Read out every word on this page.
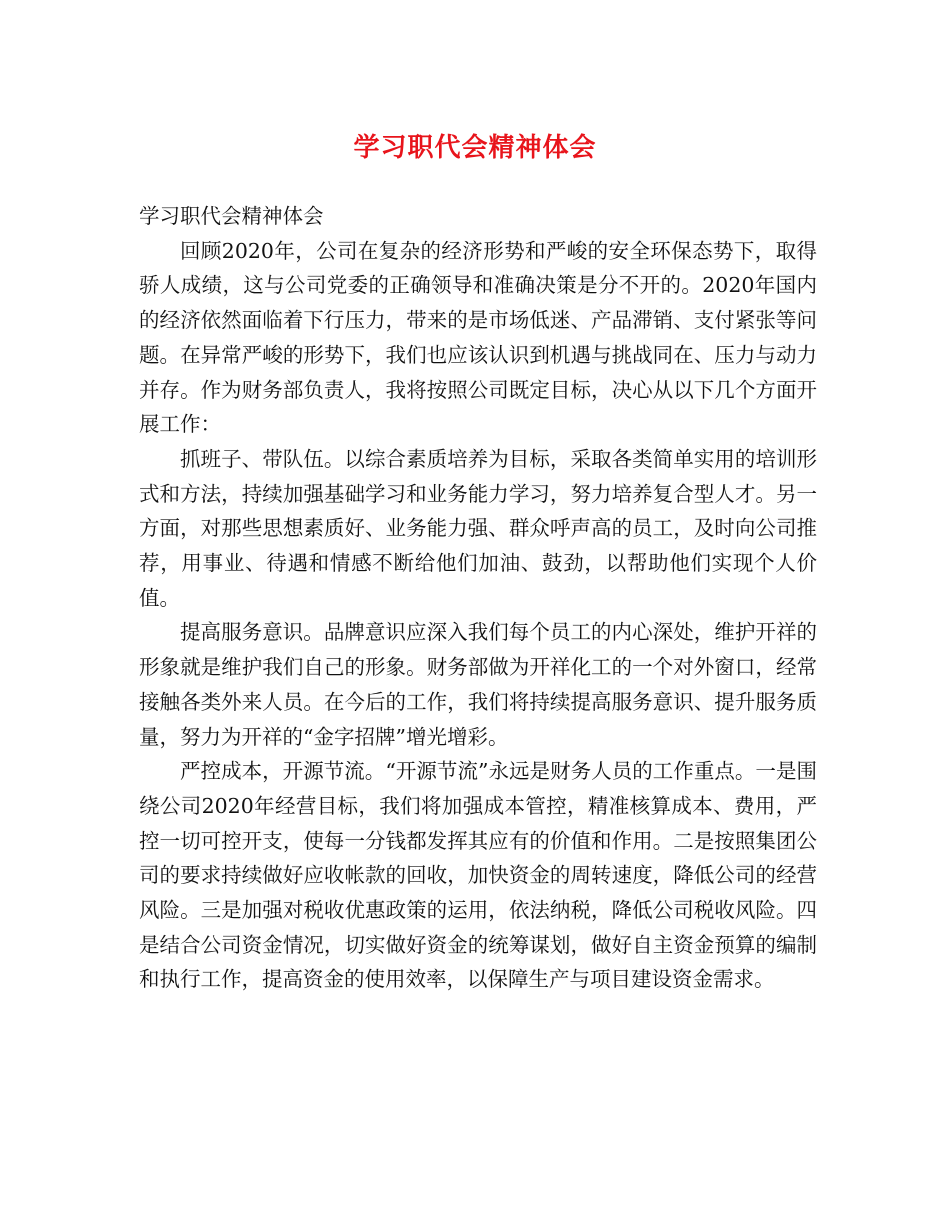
学习职代会精神体会

学习职代会精神体会

回顾2020年，公司在复杂的经济形势和严峻的安全环保态势下，取得骄人成绩，这与公司党委的正确领导和准确决策是分不开的。2020年国内的经济依然面临着下行压力，带来的是市场低迷、产品滞销、支付紧张等问题。在异常严峻的形势下，我们也应该认识到机遇与挑战同在、压力与动力并存。作为财务部负责人，我将按照公司既定目标，决心从以下几个方面开展工作：

抓班子、带队伍。以综合素质培养为目标，采取各类简单实用的培训形式和方法，持续加强基础学习和业务能力学习，努力培养复合型人才。另一方面，对那些思想素质好、业务能力强、群众呼声高的员工，及时向公司推荐，用事业、待遇和情感不断给他们加油、鼓劲，以帮助他们实现个人价值。

提高服务意识。品牌意识应深入我们每个员工的内心深处，维护开祥的形象就是维护我们自己的形象。财务部做为开祥化工的一个对外窗口，经常接触各类外来人员。在今后的工作，我们将持续提高服务意识、提升服务质量，努力为开祥的“金字招牌”增光增彩。

严控成本，开源节流。“开源节流”永远是财务人员的工作重点。一是围绕公司2020年经营目标，我们将加强成本管控，精准核算成本、费用，严控一切可控开支，使每一分钱都发挥其应有的价值和作用。二是按照集团公司的要求持续做好应收帐款的回收，加快资金的周转速度，降低公司的经营风险。三是加强对税收优惠政策的运用，依法纳税，降低公司税收风险。四是结合公司资金情况，切实做好资金的统筹谋划，做好自主资金预算的编制和执行工作，提高资金的使用效率，以保障生产与项目建设资金需求。
